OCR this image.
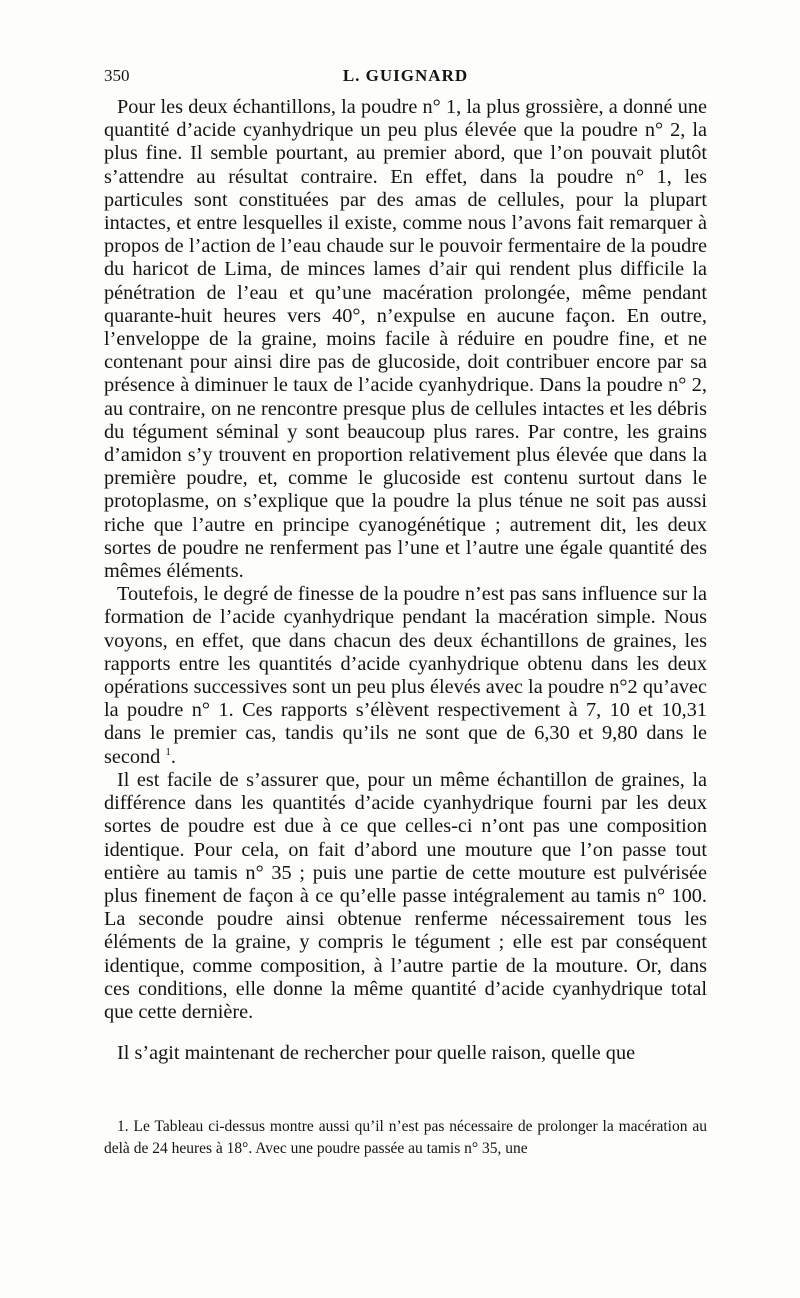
350	L. GUIGNARD

Pour les deux échantillons, la poudre n° 1, la plus grossière, a donné une quantité d’acide cyanhydrique un peu plus élevée que la poudre n° 2, la plus fine. Il semble pourtant, au premier abord, que l’on pouvait plutôt s’attendre au résultat contraire. En effet, dans la poudre n° 1, les particules sont constituées par des amas de cellules, pour la plupart intactes, et entre lesquelles il existe, comme nous l’avons fait remarquer à propos de l’action de l’eau chaude sur le pouvoir fermentaire de la poudre du haricot de Lima, de minces lames d’air qui rendent plus difficile la pénétration de l’eau et qu’une macération prolongée, même pendant quarante-huit heures vers 40°, n’expulse en aucune façon. En outre, l’enveloppe de la graine, moins facile à réduire en poudre fine, et ne contenant pour ainsi dire pas de glucoside, doit contribuer encore par sa présence à diminuer le taux de l’acide cyanhydrique. Dans la poudre n° 2, au contraire, on ne rencontre presque plus de cellules intactes et les débris du tégument séminal y sont beaucoup plus rares. Par contre, les grains d’amidon s’y trouvent en proportion relativement plus élevée que dans la première poudre, et, comme le glucoside est contenu surtout dans le protoplasme, on s’explique que la poudre la plus ténue ne soit pas aussi riche que l’autre en principe cyanogénétique ; autrement dit, les deux sortes de poudre ne renferment pas l’une et l’autre une égale quantité des mêmes éléments.

Toutefois, le degré de finesse de la poudre n’est pas sans influence sur la formation de l’acide cyanhydrique pendant la macération simple. Nous voyons, en effet, que dans chacun des deux échantillons de graines, les rapports entre les quantités d’acide cyanhydrique obtenu dans les deux opérations successives sont un peu plus élevés avec la poudre n°2 qu’avec la poudre n° 1. Ces rapports s’élèvent respectivement à 7, 10 et 10,31 dans le premier cas, tandis qu’ils ne sont que de 6,30 et 9,80 dans le second $^1$.

Il est facile de s’assurer que, pour un même échantillon de graines, la différence dans les quantités d’acide cyanhydrique fourni par les deux sortes de poudre est due à ce que celles-ci n’ont pas une composition identique. Pour cela, on fait d’abord une mouture que l’on passe tout entière au tamis n° 35 ; puis une partie de cette mouture est pulvérisée plus finement de façon à ce qu’elle passe intégralement au tamis n° 100. La seconde poudre ainsi obtenue renferme nécessairement tous les éléments de la graine, y compris le tégument ; elle est par conséquent identique, comme composition, à l’autre partie de la mouture. Or, dans ces conditions, elle donne la même quantité d’acide cyanhydrique total que cette dernière.

Il s’agit maintenant de rechercher pour quelle raison, quelle que

1. Le Tableau ci-dessus montre aussi qu’il n’est pas nécessaire de prolonger la macération au delà de 24 heures à 18°. Avec une poudre passée au tamis n° 35, une
